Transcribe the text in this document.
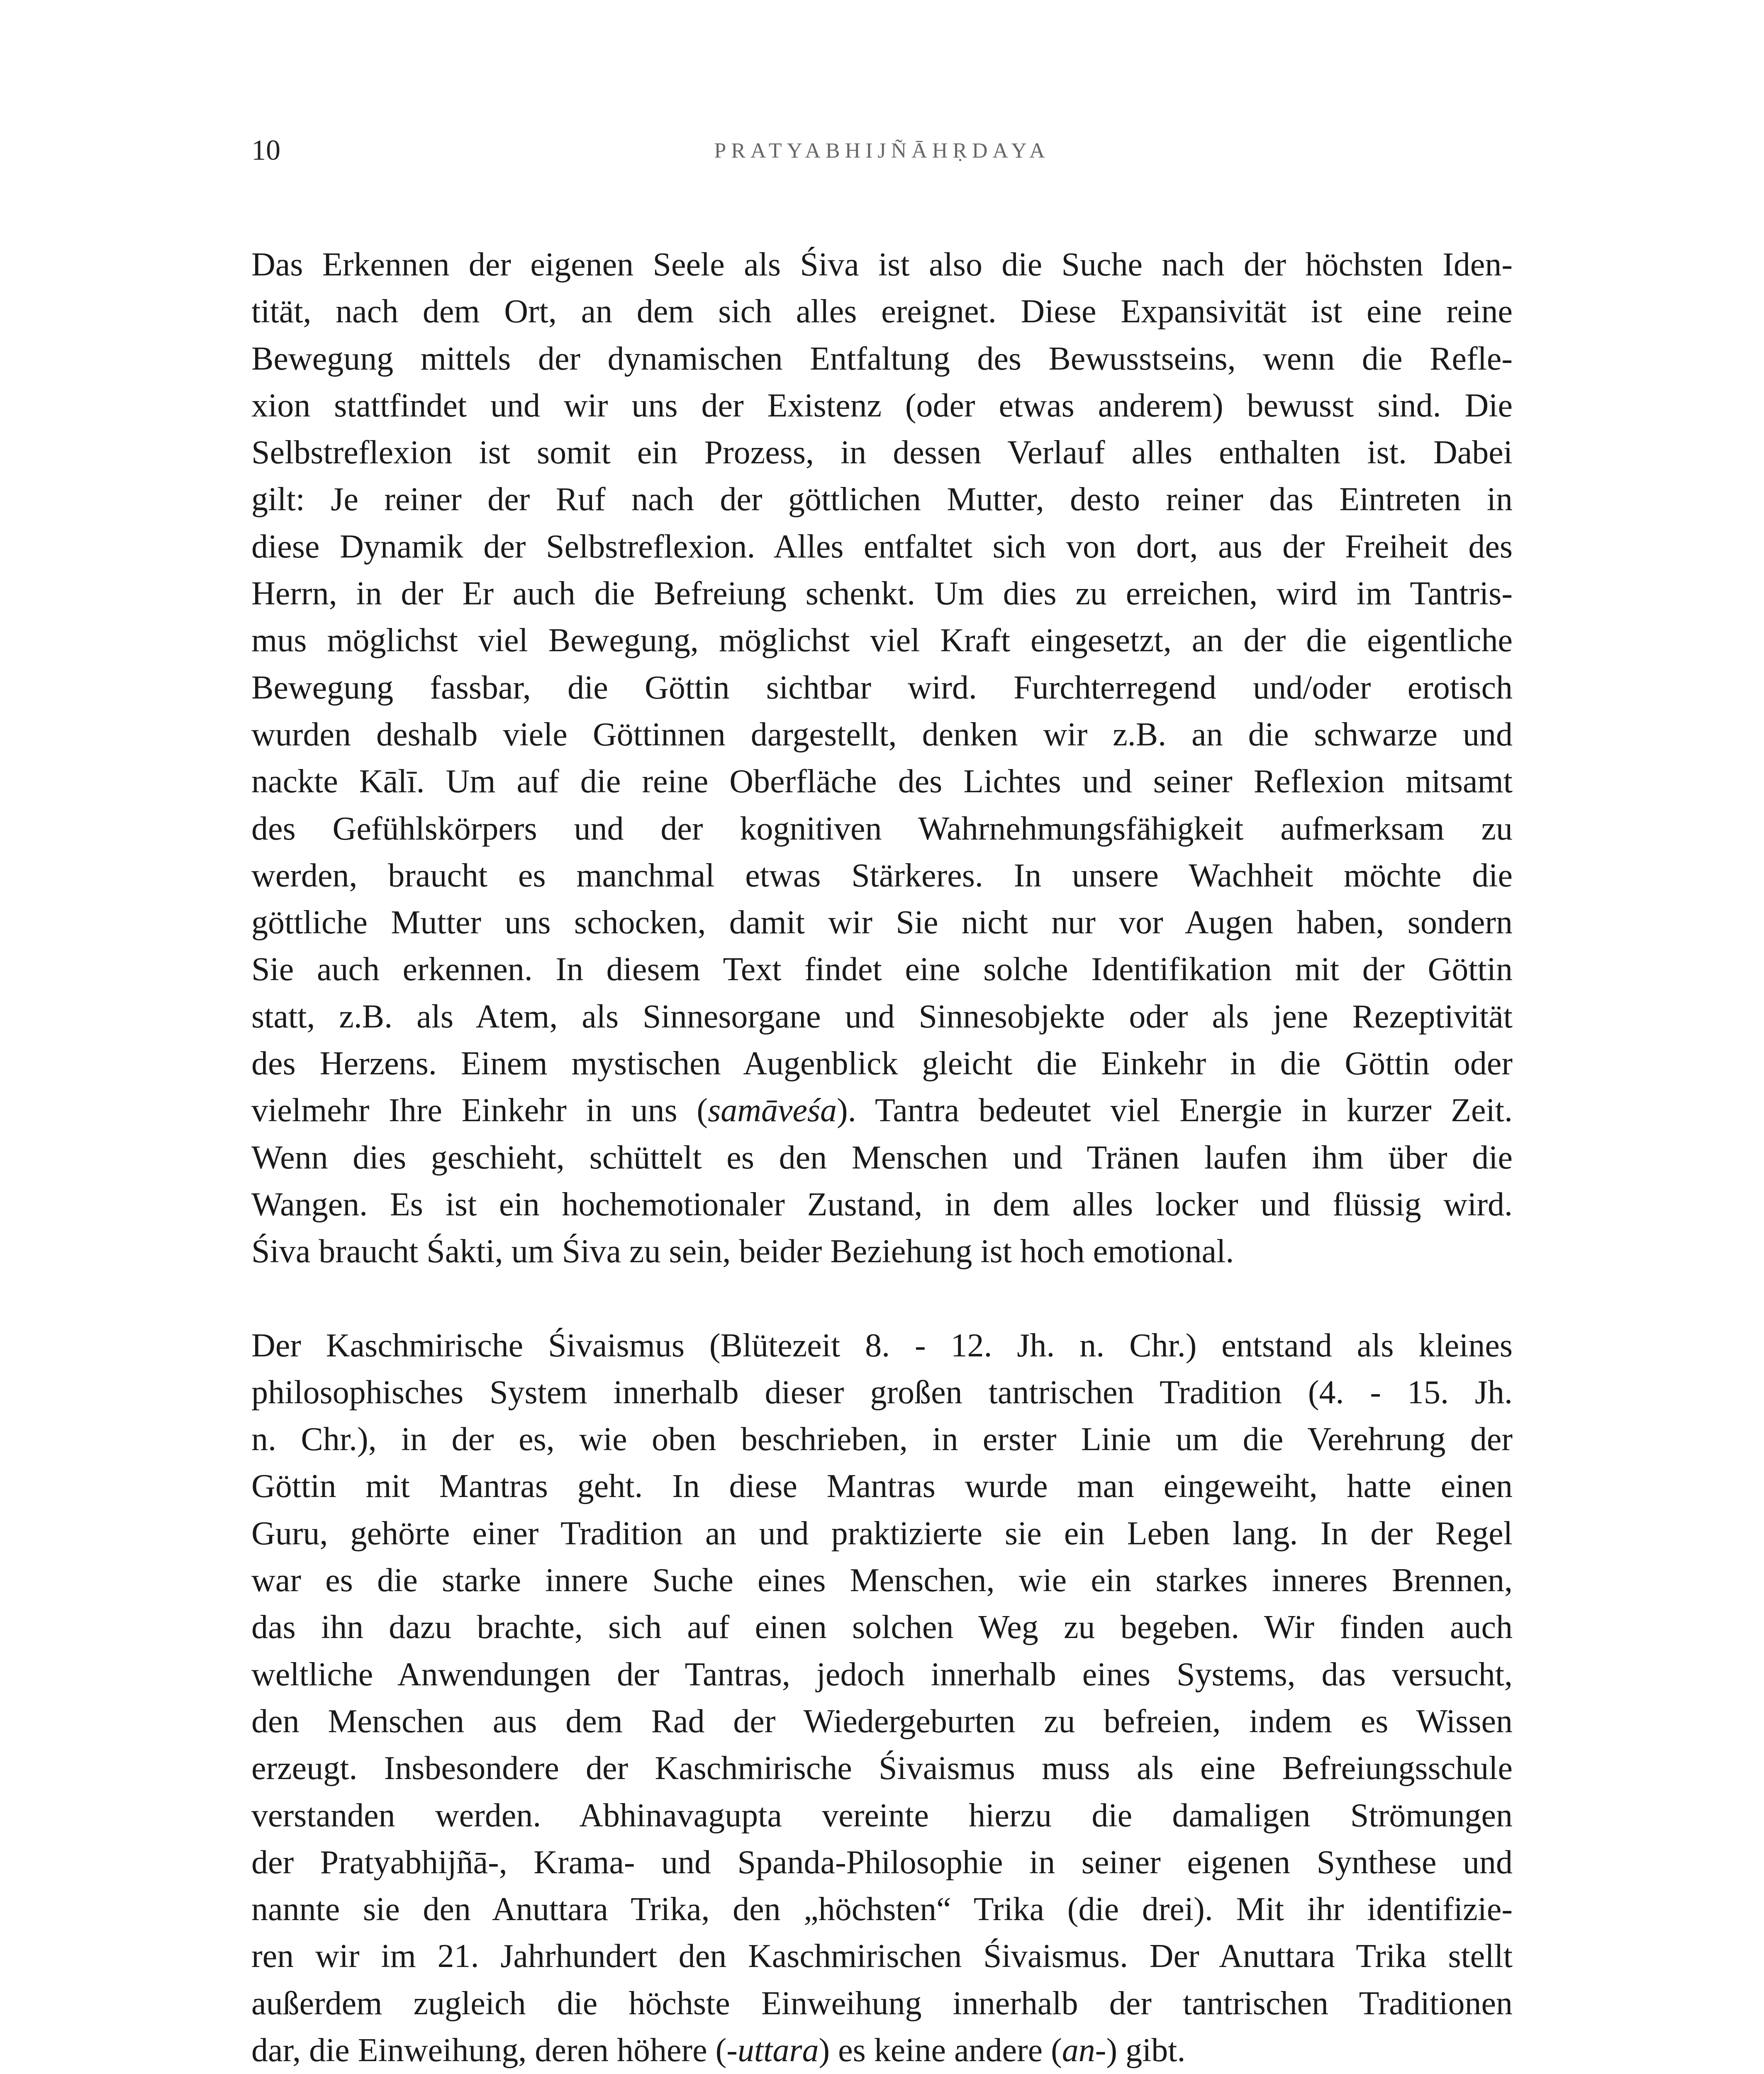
10	PRATYABHIJÑĀHṚDAYA
Das Erkennen der eigenen Seele als Śiva ist also die Suche nach der höchsten Iden-
tität, nach dem Ort, an dem sich alles ereignet. Diese Expansivität ist eine reine
Bewegung mittels der dynamischen Entfaltung des Bewusstseins, wenn die Refle-
xion stattfindet und wir uns der Existenz (oder etwas anderem) bewusst sind. Die
Selbstreflexion ist somit ein Prozess, in dessen Verlauf alles enthalten ist. Dabei
gilt: Je reiner der Ruf nach der göttlichen Mutter, desto reiner das Eintreten in
diese Dynamik der Selbstreflexion. Alles entfaltet sich von dort, aus der Freiheit des
Herrn, in der Er auch die Befreiung schenkt. Um dies zu erreichen, wird im Tantris-
mus möglichst viel Bewegung, möglichst viel Kraft eingesetzt, an der die eigentliche
Bewegung fassbar, die Göttin sichtbar wird. Furchterregend und/oder erotisch
wurden deshalb viele Göttinnen dargestellt, denken wir z.B. an die schwarze und
nackte Kālī. Um auf die reine Oberfläche des Lichtes und seiner Reflexion mitsamt
des Gefühlskörpers und der kognitiven Wahrnehmungsfähigkeit aufmerksam zu
werden, braucht es manchmal etwas Stärkeres. In unsere Wachheit möchte die
göttliche Mutter uns schocken, damit wir Sie nicht nur vor Augen haben, sondern
Sie auch erkennen. In diesem Text findet eine solche Identifikation mit der Göttin
statt, z.B. als Atem, als Sinnesorgane und Sinnesobjekte oder als jene Rezeptivität
des Herzens. Einem mystischen Augenblick gleicht die Einkehr in die Göttin oder
vielmehr Ihre Einkehr in uns (samāveśa). Tantra bedeutet viel Energie in kurzer Zeit.
Wenn dies geschieht, schüttelt es den Menschen und Tränen laufen ihm über die
Wangen. Es ist ein hochemotionaler Zustand, in dem alles locker und flüssig wird.
Śiva braucht Śakti, um Śiva zu sein, beider Beziehung ist hoch emotional.
Der Kaschmirische Śivaismus (Blütezeit 8. - 12. Jh. n. Chr.) entstand als kleines
philosophisches System innerhalb dieser großen tantrischen Tradition (4. - 15. Jh.
n. Chr.), in der es, wie oben beschrieben, in erster Linie um die Verehrung der
Göttin mit Mantras geht. In diese Mantras wurde man eingeweiht, hatte einen
Guru, gehörte einer Tradition an und praktizierte sie ein Leben lang. In der Regel
war es die starke innere Suche eines Menschen, wie ein starkes inneres Brennen,
das ihn dazu brachte, sich auf einen solchen Weg zu begeben. Wir finden auch
weltliche Anwendungen der Tantras, jedoch innerhalb eines Systems, das versucht,
den Menschen aus dem Rad der Wiedergeburten zu befreien, indem es Wissen
erzeugt. Insbesondere der Kaschmirische Śivaismus muss als eine Befreiungsschule
verstanden werden. Abhinavagupta vereinte hierzu die damaligen Strömungen
der Pratyabhijñā-, Krama- und Spanda-Philosophie in seiner eigenen Synthese und
nannte sie den Anuttara Trika, den „höchsten“ Trika (die drei). Mit ihr identifizie-
ren wir im 21. Jahrhundert den Kaschmirischen Śivaismus. Der Anuttara Trika stellt
außerdem zugleich die höchste Einweihung innerhalb der tantrischen Traditionen
dar, die Einweihung, deren höhere (-uttara) es keine andere (an-) gibt.
